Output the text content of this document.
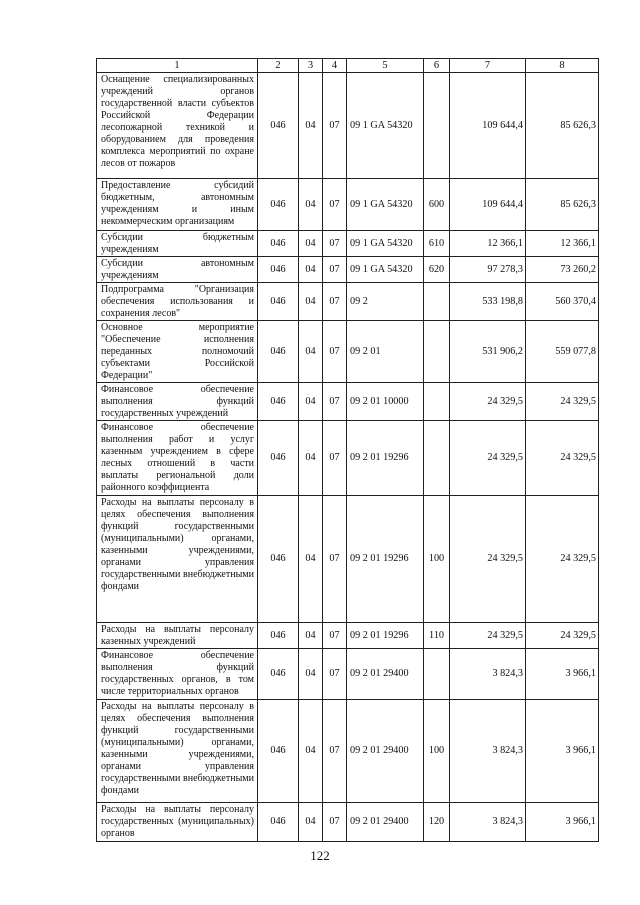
1	2	3	4	5	6	7	8
Оснащение специализированных учреждений органов государственной власти субъектов Российской Федерации лесопожарной техникой и оборудованием для проведения комплекса мероприятий по охране лесов от пожаров	046	04	07	09 1 GA 54320		109 644,4	85 626,3
Предоставление субсидий бюджетным, автономным учреждениям и иным некоммерческим организациям	046	04	07	09 1 GA 54320	600	109 644,4	85 626,3
Субсидии бюджетным учреждениям	046	04	07	09 1 GA 54320	610	12 366,1	12 366,1
Субсидии автономным учреждениям	046	04	07	09 1 GA 54320	620	97 278,3	73 260,2
Подпрограмма "Организация обеспечения использования и сохранения лесов"	046	04	07	09 2		533 198,8	560 370,4
Основное мероприятие "Обеспечение исполнения переданных полномочий субъектами Российской Федерации"	046	04	07	09 2 01		531 906,2	559 077,8
Финансовое обеспечение выполнения функций государственных учреждений	046	04	07	09 2 01 10000		24 329,5	24 329,5
Финансовое обеспечение выполнения работ и услуг казенным учреждением в сфере лесных отношений в части выплаты региональной доли районного коэффициента	046	04	07	09 2 01 19296		24 329,5	24 329,5
Расходы на выплаты персоналу в целях обеспечения выполнения функций государственными (муниципальными) органами, казенными учреждениями, органами управления государственными внебюджетными фондами	046	04	07	09 2 01 19296	100	24 329,5	24 329,5
Расходы на выплаты персоналу казенных учреждений	046	04	07	09 2 01 19296	110	24 329,5	24 329,5
Финансовое обеспечение выполнения функций государственных органов, в том числе территориальных органов	046	04	07	09 2 01 29400		3 824,3	3 966,1
Расходы на выплаты персоналу в целях обеспечения выполнения функций государственными (муниципальными) органами, казенными учреждениями, органами управления государственными внебюджетными фондами	046	04	07	09 2 01 29400	100	3 824,3	3 966,1
Расходы на выплаты персоналу государственных (муниципальных) органов	046	04	07	09 2 01 29400	120	3 824,3	3 966,1
122
